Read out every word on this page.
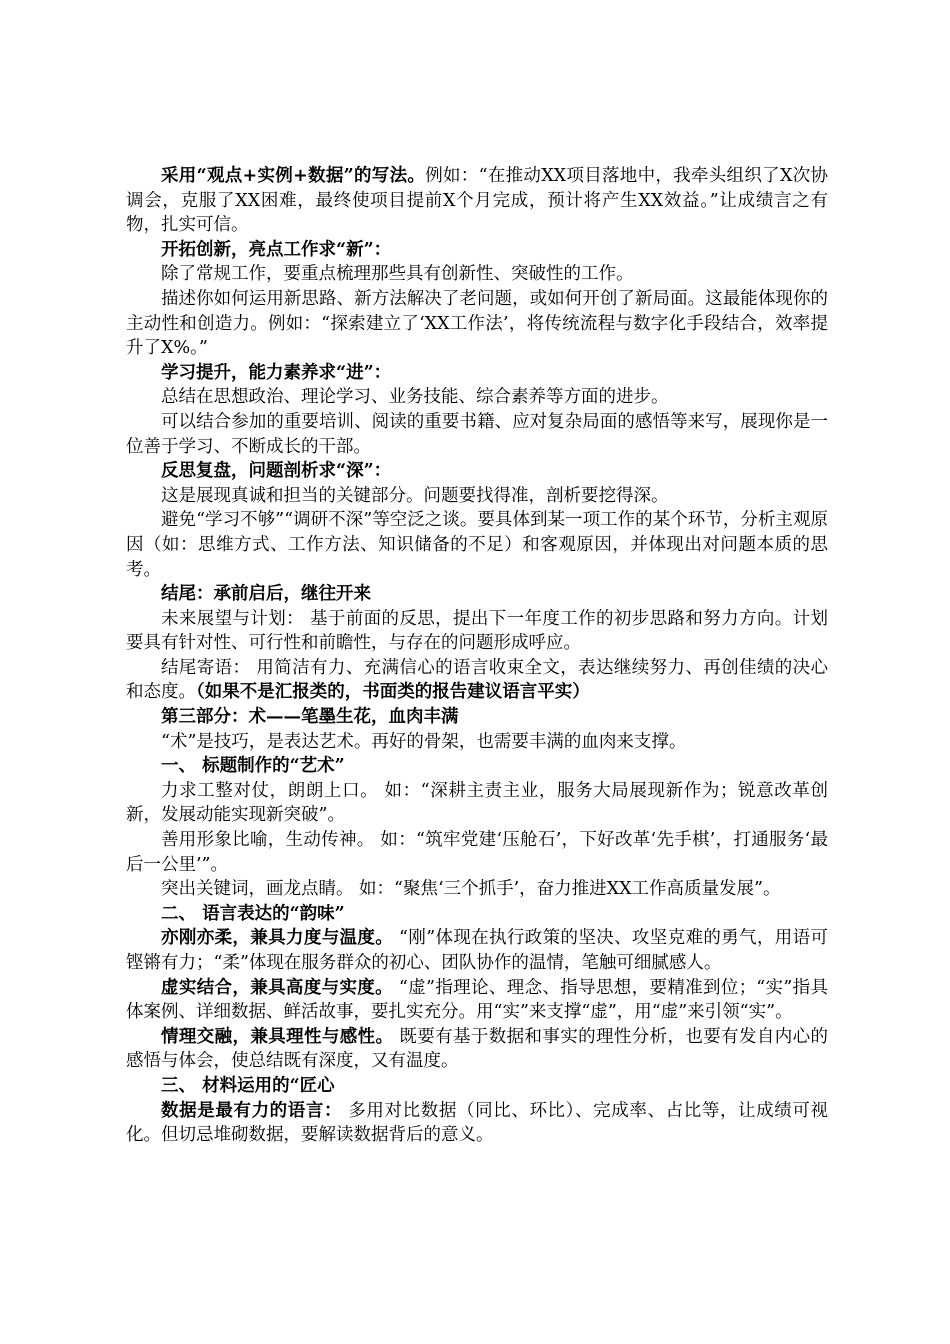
采用“观点+实例+数据”的写法。例如：“在推动XX项目落地中，我牵头组织了X次协调会，克服了XX困难，最终使项目提前X个月完成，预计将产生XX效益。”让成绩言之有物，扎实可信。

开拓创新，亮点工作求“新”：

除了常规工作，要重点梳理那些具有创新性、突破性的工作。

描述你如何运用新思路、新方法解决了老问题，或如何开创了新局面。这最能体现你的主动性和创造力。例如：“探索建立了‘XX工作法’，将传统流程与数字化手段结合，效率提升了X%。”

学习提升，能力素养求“进”：

总结在思想政治、理论学习、业务技能、综合素养等方面的进步。

可以结合参加的重要培训、阅读的重要书籍、应对复杂局面的感悟等来写，展现你是一位善于学习、不断成长的干部。

反思复盘，问题剖析求“深”：

这是展现真诚和担当的关键部分。问题要找得准，剖析要挖得深。

避免“学习不够”“调研不深”等空泛之谈。要具体到某一项工作的某个环节，分析主观原因（如：思维方式、工作方法、知识储备的不足）和客观原因，并体现出对问题本质的思考。

结尾：承前启后，继往开来

未来展望与计划： 基于前面的反思，提出下一年度工作的初步思路和努力方向。计划要具有针对性、可行性和前瞻性，与存在的问题形成呼应。

结尾寄语： 用简洁有力、充满信心的语言收束全文，表达继续努力、再创佳绩的决心和态度。（如果不是汇报类的，书面类的报告建议语言平实）

第三部分：术——笔墨生花，血肉丰满

“术”是技巧，是表达艺术。再好的骨架，也需要丰满的血肉来支撑。

一、 标题制作的“艺术”

力求工整对仗，朗朗上口。 如：“深耕主责主业，服务大局展现新作为；锐意改革创新，发展动能实现新突破”。

善用形象比喻，生动传神。 如：“筑牢党建‘压舱石’，下好改革‘先手棋’，打通服务‘最后一公里’”。

突出关键词，画龙点睛。 如：“聚焦‘三个抓手’，奋力推进XX工作高质量发展”。

二、 语言表达的“韵味”

亦刚亦柔，兼具力度与温度。 “刚”体现在执行政策的坚决、攻坚克难的勇气，用语可铿锵有力；“柔”体现在服务群众的初心、团队协作的温情，笔触可细腻感人。

虚实结合，兼具高度与实度。 “虚”指理论、理念、指导思想，要精准到位；“实”指具体案例、详细数据、鲜活故事，要扎实充分。用“实”来支撑“虚”，用“虚”来引领“实”。

情理交融，兼具理性与感性。 既要有基于数据和事实的理性分析，也要有发自内心的感悟与体会，使总结既有深度，又有温度。

三、 材料运用的“匠心

数据是最有力的语言： 多用对比数据（同比、环比）、完成率、占比等，让成绩可视化。但切忌堆砌数据，要解读数据背后的意义。
